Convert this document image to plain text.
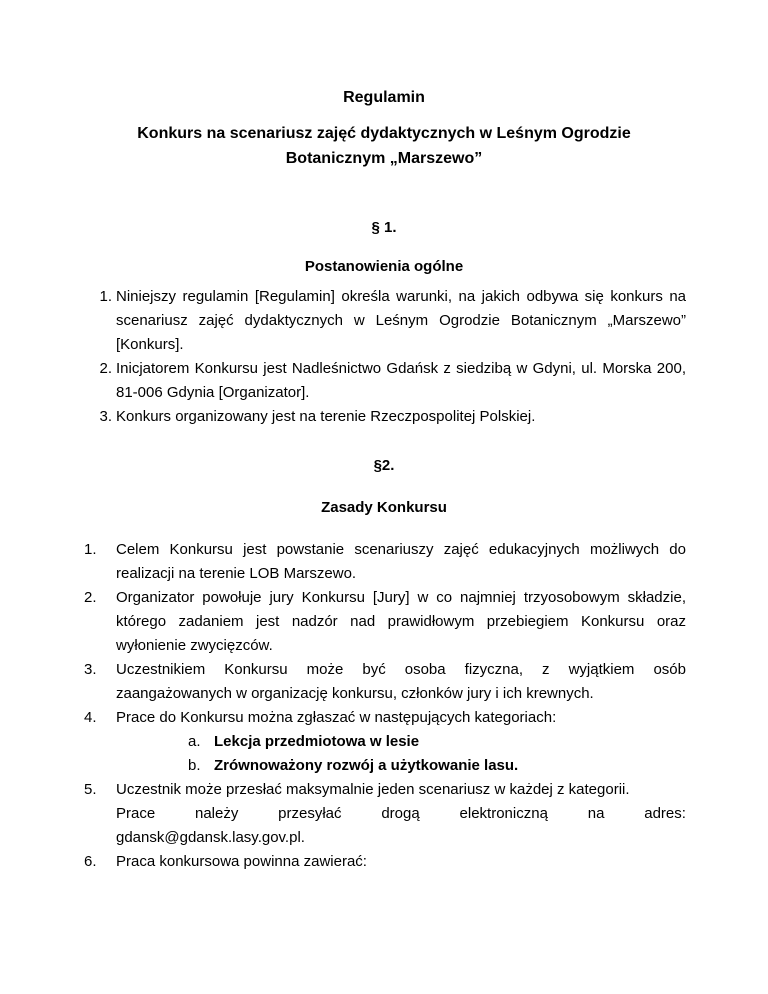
Regulamin
Konkurs na scenariusz zajęć dydaktycznych w Leśnym Ogrodzie Botanicznym „Marszewo”
§ 1.
Postanowienia ogólne
1. Niniejszy regulamin [Regulamin] określa warunki, na jakich odbywa się konkurs na scenariusz zajęć dydaktycznych w Leśnym Ogrodzie Botanicznym „Marszewo” [Konkurs].
2. Inicjatorem Konkursu jest Nadleśnictwo Gdańsk z siedzibą w Gdyni, ul. Morska 200, 81-006 Gdynia [Organizator].
3. Konkurs organizowany jest na terenie Rzeczpospolitej Polskiej.
§2.
Zasady Konkursu
1. Celem Konkursu jest powstanie scenariuszy zajęć edukacyjnych możliwych do realizacji na terenie LOB Marszewo.
2. Organizator powołuje jury Konkursu [Jury] w co najmniej trzyosobowym składzie, którego zadaniem jest nadzór nad prawidłowym przebiegiem Konkursu oraz wyłonienie zwycięzców.
3. Uczestnikiem Konkursu może być osoba fizyczna, z wyjątkiem osób zaangażowanych w organizację konkursu, członków jury i ich krewnych.
4. Prace do Konkursu można zgłaszać w następujących kategoriach:
a. Lekcja przedmiotowa w lesie
b. Zrównoważony rozwój a użytkowanie lasu.
5. Uczestnik może przesłać maksymalnie jeden scenariusz w każdej z kategorii.
Prace	należy	przesyłać	drogą	elektroniczną	na	adres:
gdansk@gdansk.lasy.gov.pl.
6. Praca konkursowa powinna zawierać:
